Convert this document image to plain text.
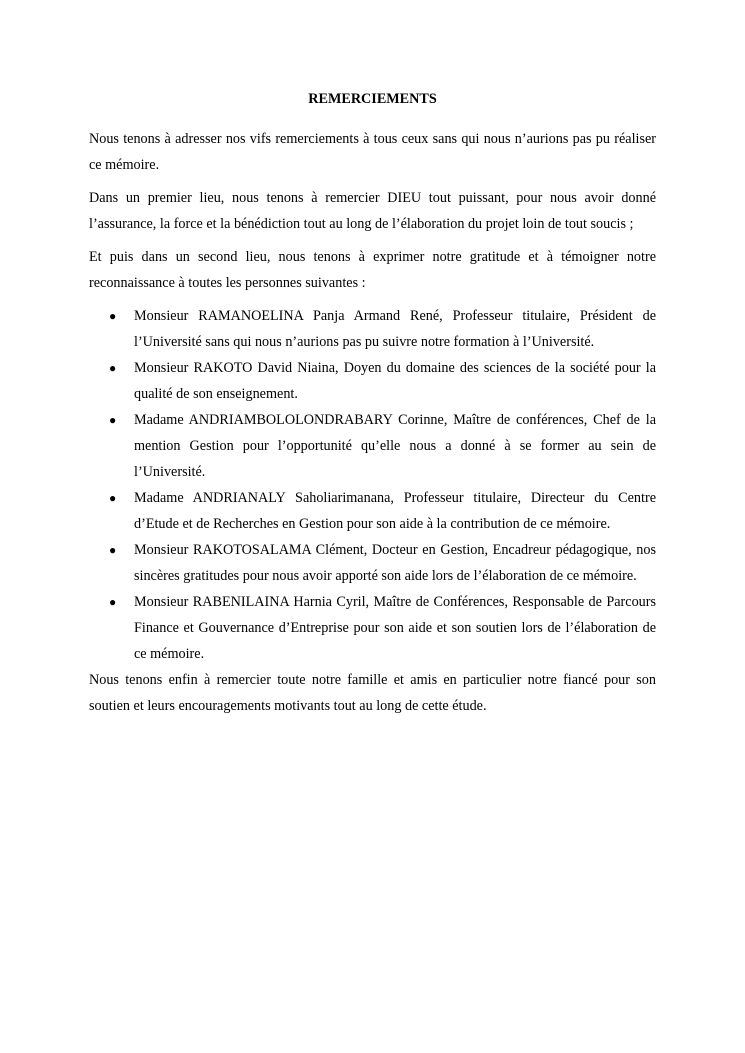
REMERCIEMENTS

Nous tenons à adresser nos vifs remerciements à tous ceux sans qui nous n’aurions pas pu réaliser ce mémoire.

Dans un premier lieu, nous tenons à remercier DIEU tout puissant, pour nous avoir donné l’assurance, la force et la bénédiction tout au long de l’élaboration du projet loin de tout soucis ;

Et puis dans un second lieu, nous tenons à exprimer notre gratitude et à témoigner notre reconnaissance à toutes les personnes suivantes :

● Monsieur RAMANOELINA Panja Armand René, Professeur titulaire, Président de l’Université sans qui nous n’aurions pas pu suivre notre formation à l’Université.
● Monsieur RAKOTO David Niaina, Doyen du domaine des sciences de la société pour la qualité de son enseignement.
● Madame ANDRIAMBOLOLONDRABARY Corinne, Maître de conférences, Chef de la mention Gestion pour l’opportunité qu’elle nous a donné à se former au sein de l’Université.
● Madame ANDRIANALY Saholiarimanana, Professeur titulaire, Directeur du Centre d’Etude et de Recherches en Gestion pour son aide à la contribution de ce mémoire.
● Monsieur RAKOTOSALAMA Clément, Docteur en Gestion, Encadreur pédagogique, nos sincères gratitudes pour nous avoir apporté son aide lors de l’élaboration de ce mémoire.
● Monsieur RABENILAINA Harnia Cyril, Maître de Conférences, Responsable de Parcours Finance et Gouvernance d’Entreprise pour son aide et son soutien lors de l’élaboration de ce mémoire.

Nous tenons enfin à remercier toute notre famille et amis en particulier notre fiancé pour son soutien et leurs encouragements motivants tout au long de cette étude.
